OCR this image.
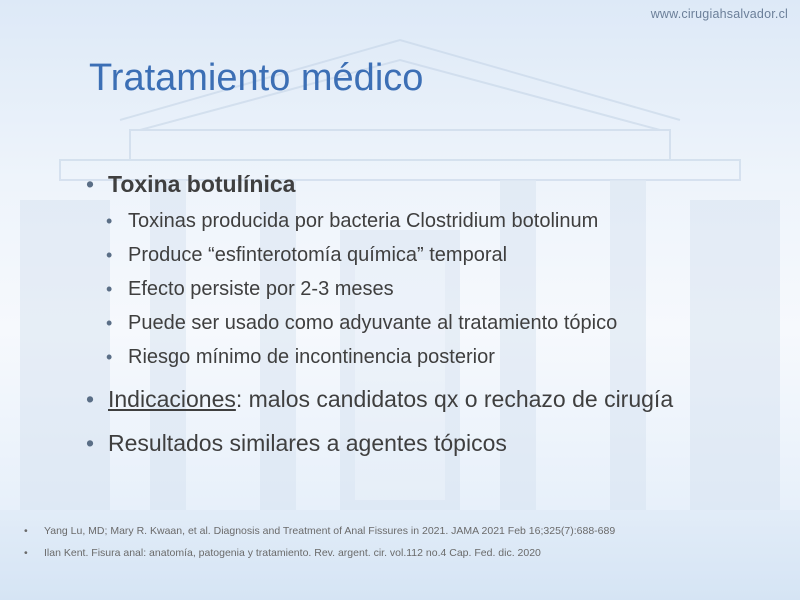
www.cirugiahsalvador.cl
Tratamiento médico
• Toxina botulínica
• Toxinas producida por bacteria Clostridium botolinum
• Produce “esfinterotomía química” temporal
• Efecto persiste por 2-3 meses
• Puede ser usado como adyuvante al tratamiento tópico
• Riesgo mínimo de incontinencia posterior
• Indicaciones: malos candidatos qx o rechazo de cirugía
• Resultados similares a agentes tópicos
• Yang Lu, MD; Mary R. Kwaan, et al. Diagnosis and Treatment of Anal Fissures in 2021. JAMA 2021 Feb 16;325(7):688-689
• Ilan Kent. Fisura anal: anatomía, patogenia y tratamiento. Rev. argent. cir. vol.112 no.4 Cap. Fed. dic. 2020
